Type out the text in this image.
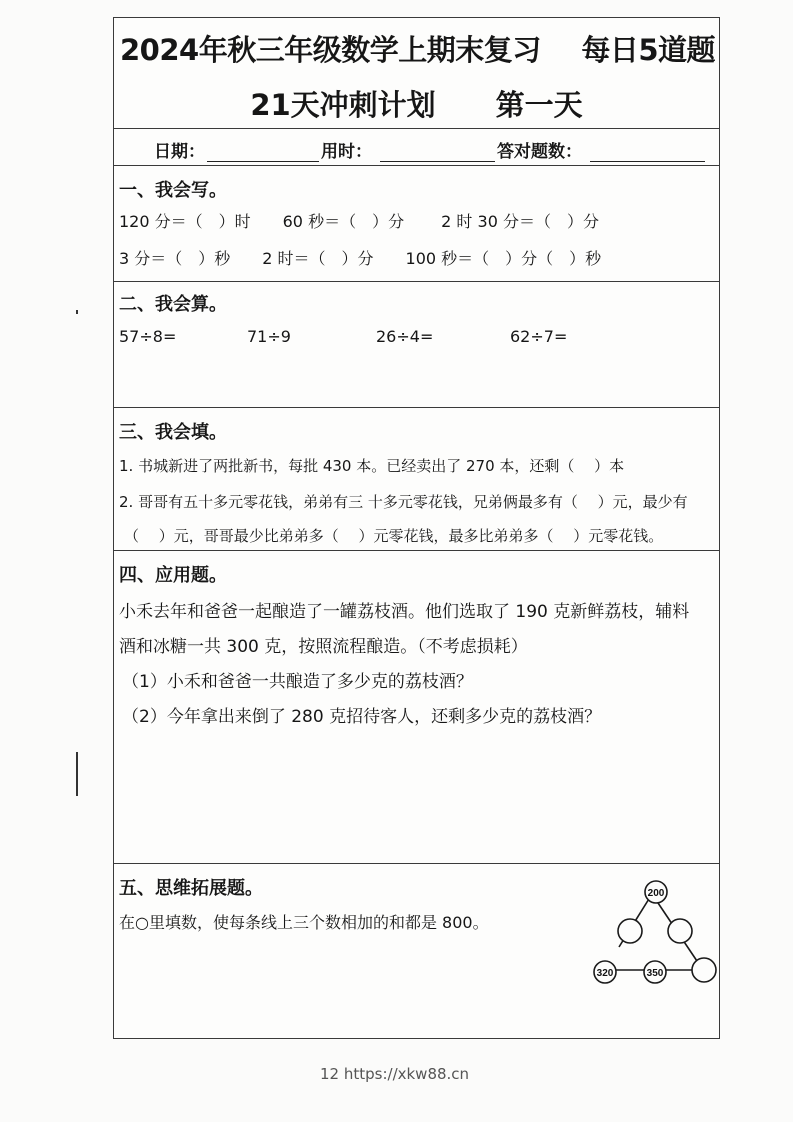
2024年秋三年级数学上期末复习 每日5道题
21天冲刺计划 第一天
日期：	用时：	答对题数：
一、我会写。
120 分＝（　）时　　60 秒＝（　）分　　 2 时 30 分＝（　）分
3 分＝（　）秒　　2 时＝（　）分　　100 秒＝（　）分（　）秒
二、我会算。
57÷8=	71÷9	26÷4=	62÷7=
三、我会填。
1. 书城新进了两批新书，每批 430 本。已经卖出了 270 本，还剩（　 ）本
2. 哥哥有五十多元零花钱，弟弟有三 十多元零花钱，兄弟俩最多有（　 ）元，最少有
（　 ）元，哥哥最少比弟弟多（　 ）元零花钱，最多比弟弟多（　 ）元零花钱。
四、应用题。
小禾去年和爸爸一起酿造了一罐荔枝酒。他们选取了 190 克新鲜荔枝，辅料
酒和冰糖一共 300 克，按照流程酿造。（不考虑损耗）
（1）小禾和爸爸一共酿造了多少克的荔枝酒？
（2）今年拿出来倒了 280 克招待客人，还剩多少克的荔枝酒？
五、思维拓展题。
在○里填数，使每条线上三个数相加的和都是 800。
200
320	350
12 https://xkw88.cn
